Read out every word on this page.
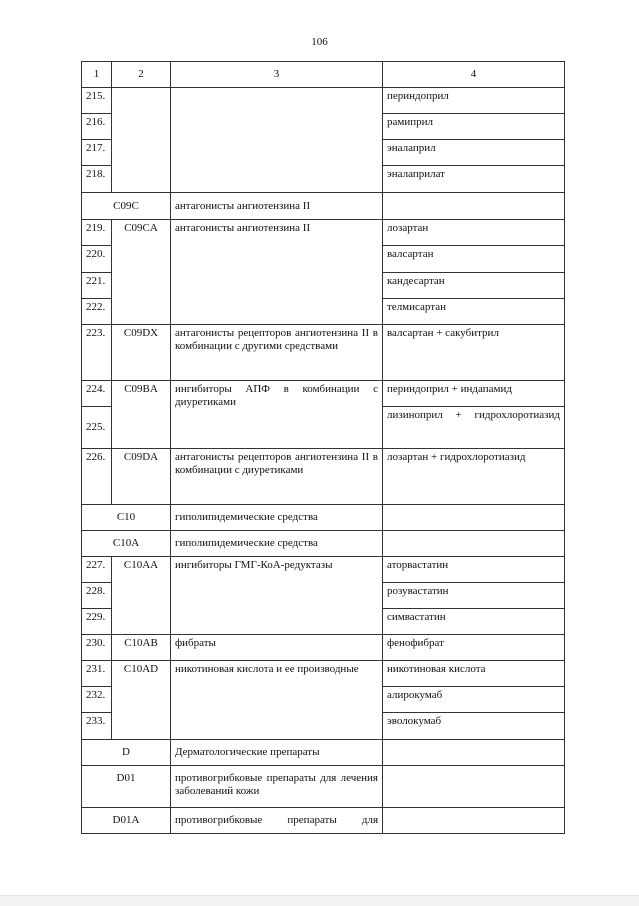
106
1	2	3	4
215.			периндоприл
216.			рамиприл
217.			эналаприл
218.			эналаприлат
C09C		антагонисты ангиотензина II	
219.	C09CA	антагонисты ангиотензина II	лозартан
220.			валсартан
221.			кандесартан
222.			телмисартан
223.	C09DX	антагонисты рецепторов ангиотензина II в комбинации с другими средствами	валсартан + сакубитрил
224.	C09BA	ингибиторы АПФ в комбинации с диуретиками	периндоприл + индапамид
225.			лизиноприл + гидрохлоротиазид
226.	C09DA	антагонисты рецепторов ангиотензина II в комбинации с диуретиками	лозартан + гидрохлоротиазид
C10		гиполипидемические средства	
C10A		гиполипидемические средства	
227.	C10AA	ингибиторы ГМГ-КоА-редуктазы	аторвастатин
228.			розувастатин
229.			симвастатин
230.	C10AB	фибраты	фенофибрат
231.	C10AD	никотиновая кислота и ее производные	никотиновая кислота
232.			алирокумаб
233.			эволокумаб
D		Дерматологические препараты	
D01		противогрибковые препараты для лечения заболеваний кожи	
D01A		противогрибковые препараты для	
